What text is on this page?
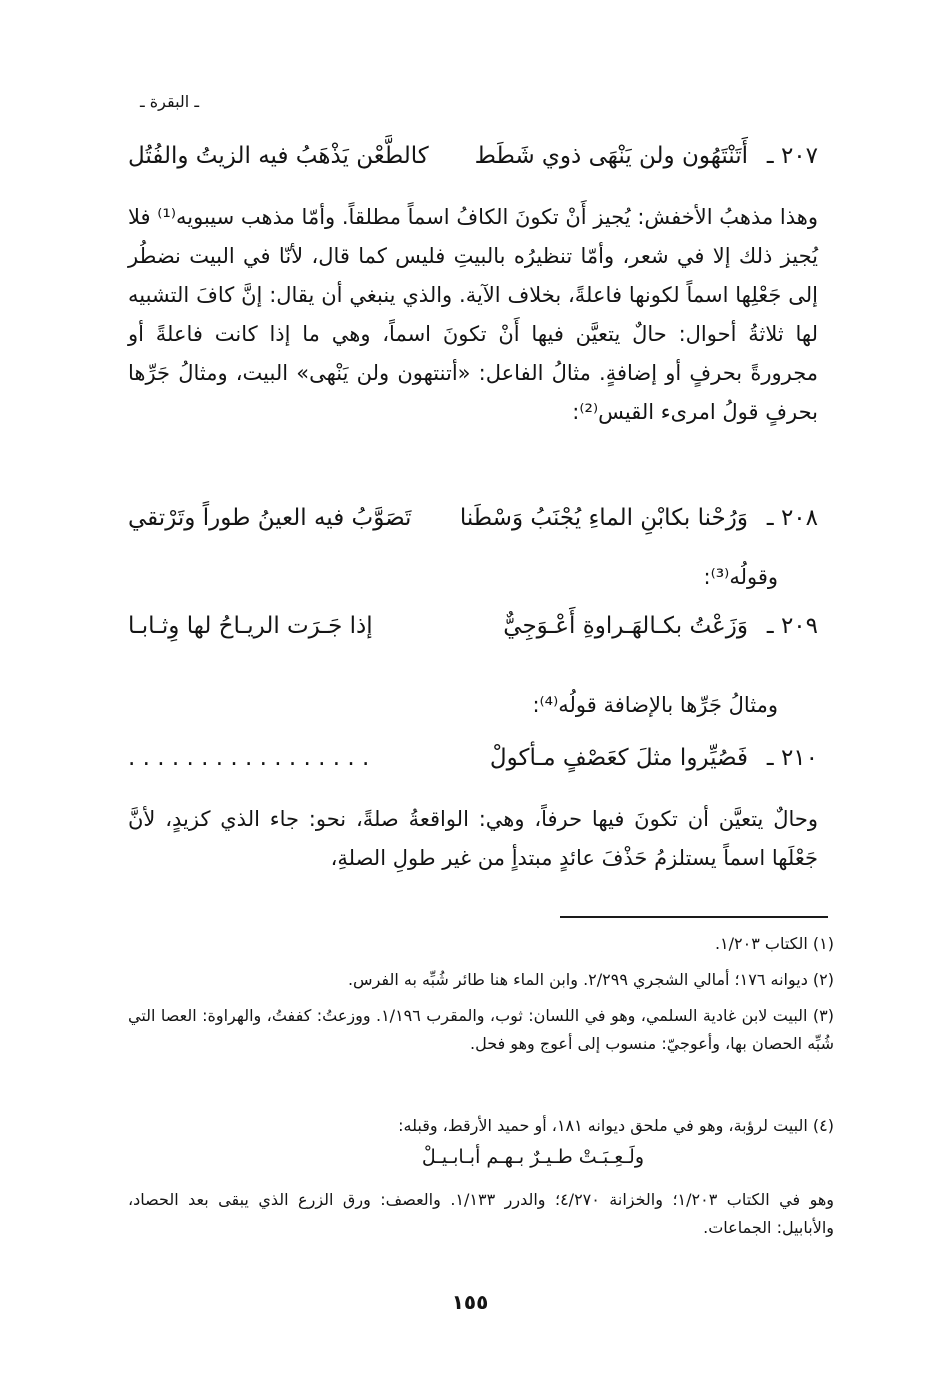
ـ البقرة ـ
٢٠٧ ـ
أَتَنْتَهُون ولن يَنْهَى ذوي شَطَط
كالطَّعْن يَذْهَبُ فيه الزيتُ والفُتُل
وهذا مذهبُ الأخفش: يُجيز أَنْ تكونَ الكافُ اسماً مطلقاً. وأمّا مذهب سيبويه⁽¹⁾ فلا يُجيز ذلك إلا في شعر، وأمّا تنظيرُه بالبيتِ فليس كما قال، لأنّا في البيت نضطُر إلى جَعْلِها اسماً لكونها فاعلةً، بخلاف الآية. والذي ينبغي أن يقال: إنَّ كافَ التشبيه لها ثلاثةُ أحوال: حالٌ يتعيَّن فيها أَنْ تكونَ اسماً، وهي ما إذا كانت فاعلةً أو مجرورةً بحرفٍ أو إضافةٍ. مثالُ الفاعل: «أتنتهون ولن يَنْهى» البيت، ومثالُ جَرِّها بحرفٍ قولُ امرىء القيس⁽²⁾:
٢٠٨ ـ
وَرُحْنا بكابْنِ الماءِ يُجْنَبُ وَسْطَنا
تَصَوَّبُ فيه العينُ طوراً وتَرْتقي
وقولُه⁽³⁾:
٢٠٩ ـ
وَزَعْتُ بكـالهَـراوةِ أَعْـوَجِيٌّ
إذا جَـرَت الريـاحُ لها وِثـابـا
ومثالُ جَرِّها بالإضافة قولُه⁽⁴⁾:
٢١٠ ـ
فَصُيِّروا مثلَ كعَصْفٍ مـأكولْ
. . . . . . . . . . . . . . . . .
وحالٌ يتعيَّن أن تكونَ فيها حرفاً، وهي: الواقعةُ صلةً، نحو: جاء الذي كزيدٍ، لأنَّ جَعْلَها اسماً يستلزمُ حَذْفَ عائدٍ مبتدأٍ من غير طولِ الصلةِ،
(١) الكتاب ١/٢٠٣.
(٢) ديوانه ١٧٦؛ أمالي الشجري ٢/٢٩٩. وابن الماء هنا طائر شُبِّه به الفرس.
(٣) البيت لابن غادية السلمي، وهو في اللسان: ثوب، والمقرب ١/١٩٦. ووزعتُ: كففتُ، والهراوة: العصا التي شُبِّه الحصان بها، وأعوجيّ: منسوب إلى أعوج وهو فحل.
(٤) البيت لرؤبة، وهو في ملحق ديوانه ١٨١، أو حميد الأرقط، وقبله:
ولَـعِـبَـتْ طـيـرٌ بـهـم أبـابـيـلْ
وهو في الكتاب ١/٢٠٣؛ والخزانة ٤/٢٧٠؛ والدرر ١/١٣٣. والعصف: ورق الزرع الذي يبقى بعد الحصاد، والأبابيل: الجماعات.
١٥٥
